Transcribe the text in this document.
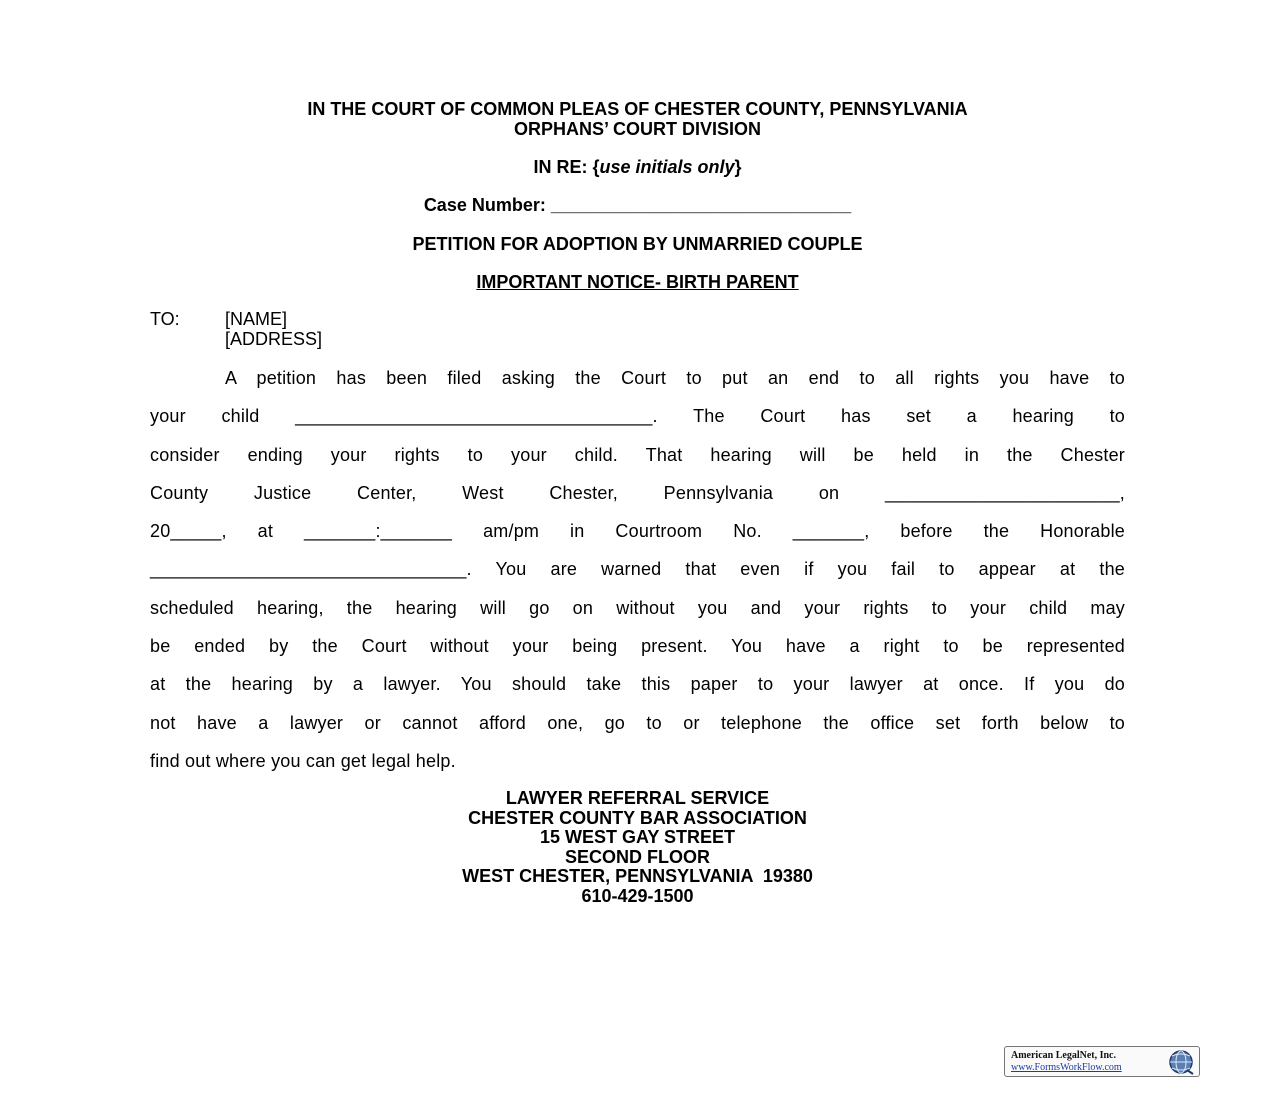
IN THE COURT OF COMMON PLEAS OF CHESTER COUNTY, PENNSYLVANIA
ORPHANS’ COURT DIVISION
IN RE: {use initials only}
Case Number: ______________________________
PETITION FOR ADOPTION BY UNMARRIED COUPLE
IMPORTANT NOTICE- BIRTH PARENT
TO:	[NAME]
[ADDRESS]
A petition has been filed asking the Court to put an end to all rights you have to
your child ___________________________________. The Court has set a hearing to
consider ending your rights to your child. That hearing will be held in the Chester
County Justice Center, West Chester, Pennsylvania on _______________________,
20_____, at _______:_______ am/pm in Courtroom No. _______, before the Honorable
_______________________________. You are warned that even if you fail to appear at the
scheduled hearing, the hearing will go on without you and your rights to your child may
be ended by the Court without your being present. You have a right to be represented
at the hearing by a lawyer. You should take this paper to your lawyer at once. If you do
not have a lawyer or cannot afford one, go to or telephone the office set forth below to
find out where you can get legal help.
LAWYER REFERRAL SERVICE
CHESTER COUNTY BAR ASSOCIATION
15 WEST GAY STREET
SECOND FLOOR
WEST CHESTER, PENNSYLVANIA  19380
610-429-1500
American LegalNet, Inc.
www.FormsWorkFlow.com
